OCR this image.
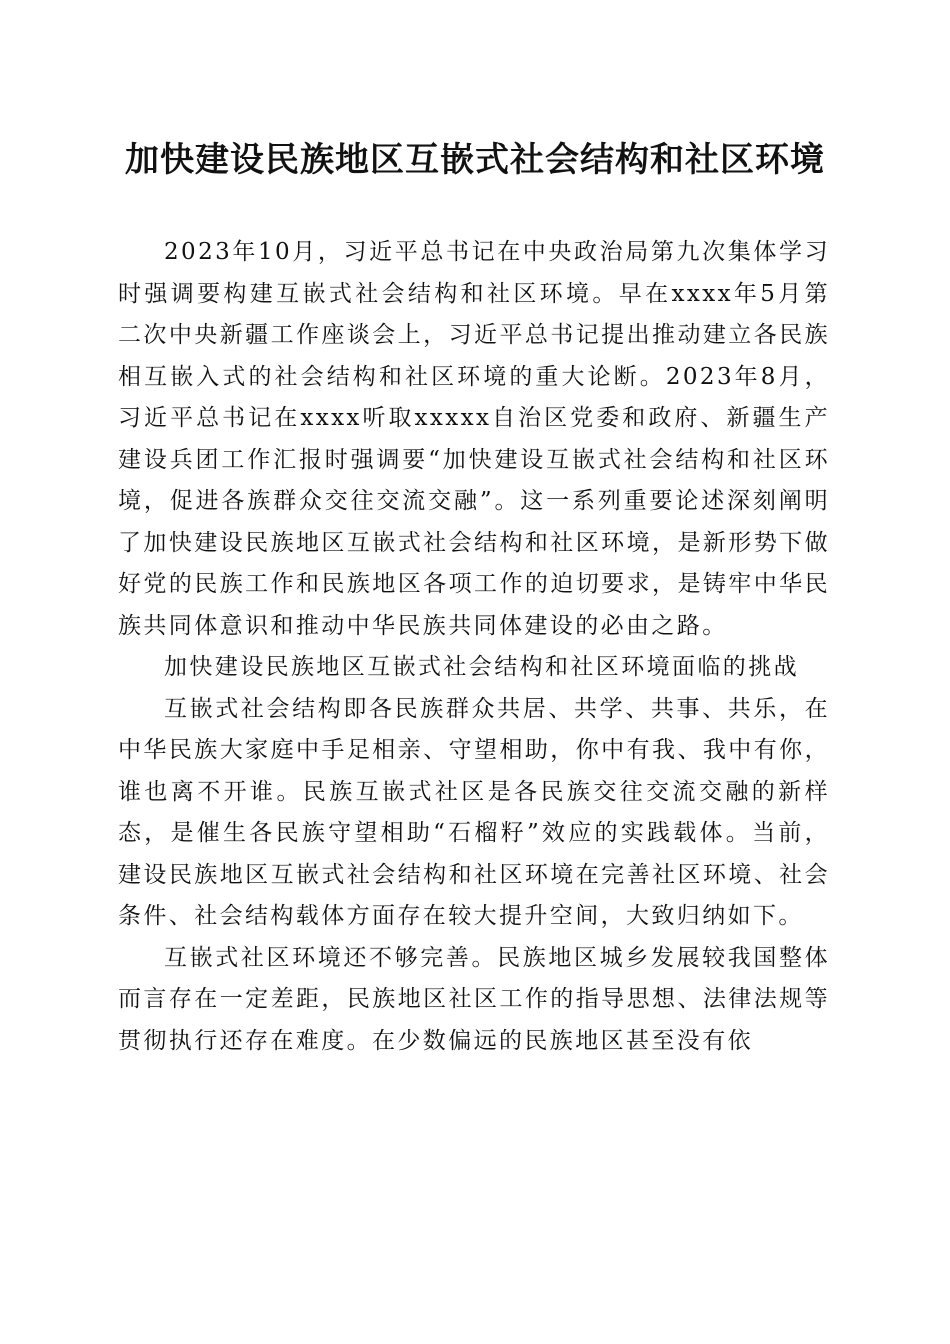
加快建设民族地区互嵌式社会结构和社区环境

2023年10月，习近平总书记在中央政治局第九次集体学习时强调要构建互嵌式社会结构和社区环境。早在xxxx年5月第二次中央新疆工作座谈会上，习近平总书记提出推动建立各民族相互嵌入式的社会结构和社区环境的重大论断。2023年8月，习近平总书记在xxxx听取xxxxx自治区党委和政府、新疆生产建设兵团工作汇报时强调要“加快建设互嵌式社会结构和社区环境，促进各族群众交往交流交融”。这一系列重要论述深刻阐明了加快建设民族地区互嵌式社会结构和社区环境，是新形势下做好党的民族工作和民族地区各项工作的迫切要求，是铸牢中华民族共同体意识和推动中华民族共同体建设的必由之路。

加快建设民族地区互嵌式社会结构和社区环境面临的挑战

互嵌式社会结构即各民族群众共居、共学、共事、共乐，在中华民族大家庭中手足相亲、守望相助，你中有我、我中有你，谁也离不开谁。民族互嵌式社区是各民族交往交流交融的新样态，是催生各民族守望相助“石榴籽”效应的实践载体。当前，建设民族地区互嵌式社会结构和社区环境在完善社区环境、社会条件、社会结构载体方面存在较大提升空间，大致归纳如下。

互嵌式社区环境还不够完善。民族地区城乡发展较我国整体而言存在一定差距，民族地区社区工作的指导思想、法律法规等贯彻执行还存在难度。在少数偏远的民族地区甚至没有依
